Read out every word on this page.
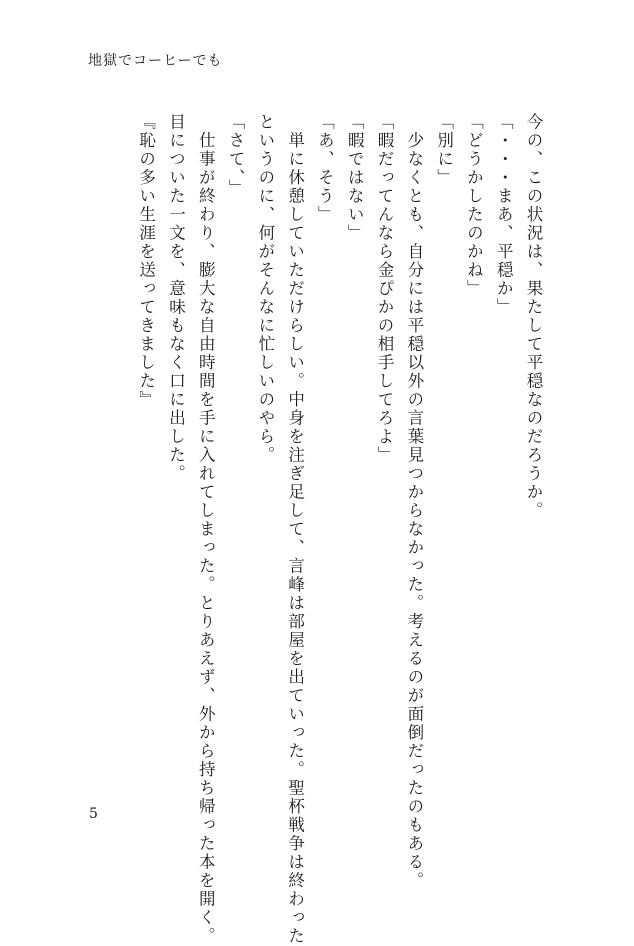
地獄でコーヒーでも
今の、この状況は、果たして平穏なのだろうか。
「・・・まあ、平穏か」
「どうかしたのかね」
「別に」
　少なくとも、自分には平穏以外の言葉見つからなかった。考えるのが面倒だったのもある。
「暇だってんなら金ぴかの相手してろよ」
「暇ではない」
「あ、そう」
　単に休憩していただけらしい。中身を注ぎ足して、言峰は部屋を出ていった。聖杯戦争は終わった
というのに、何がそんなに忙しいのやら。
「さて、」
　仕事が終わり、膨大な自由時間を手に入れてしまった。とりあえず、外から持ち帰った本を開く。
目についた一文を、意味もなく口に出した。
『恥の多い生涯を送ってきました』
5
